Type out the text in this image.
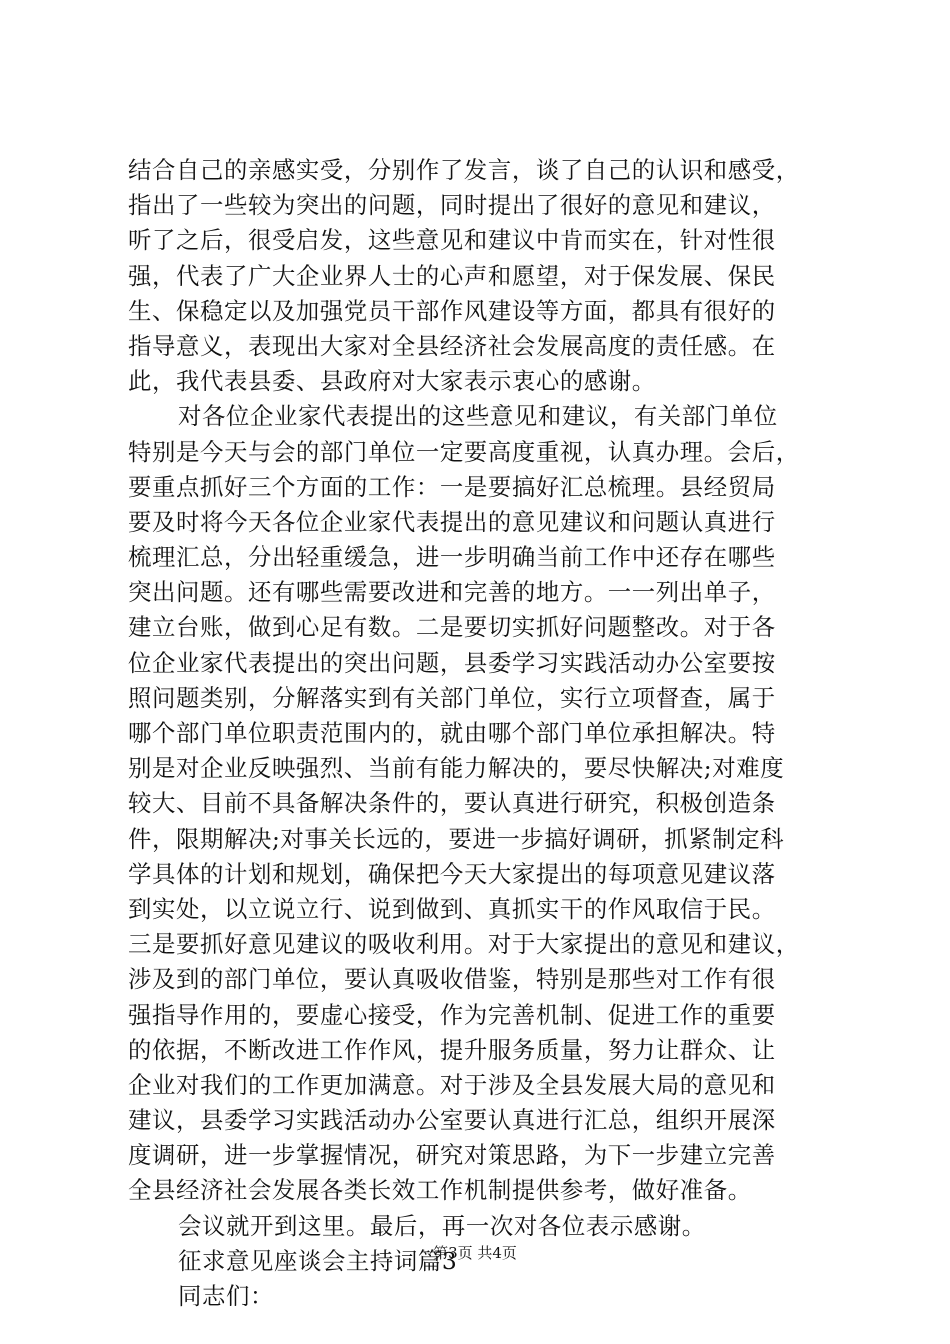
结合自己的亲感实受，分别作了发言，谈了自己的认识和感受，
指出了一些较为突出的问题，同时提出了很好的意见和建议，
听了之后，很受启发，这些意见和建议中肯而实在，针对性很
强，代表了广大企业界人士的心声和愿望，对于保发展、保民
生、保稳定以及加强党员干部作风建设等方面，都具有很好的
指导意义，表现出大家对全县经济社会发展高度的责任感。在
此，我代表县委、县政府对大家表示衷心的感谢。
对各位企业家代表提出的这些意见和建议，有关部门单位
特别是今天与会的部门单位一定要高度重视，认真办理。会后，
要重点抓好三个方面的工作：一是要搞好汇总梳理。县经贸局
要及时将今天各位企业家代表提出的意见建议和问题认真进行
梳理汇总，分出轻重缓急，进一步明确当前工作中还存在哪些
突出问题。还有哪些需要改进和完善的地方。一一列出单子，
建立台账，做到心足有数。二是要切实抓好问题整改。对于各
位企业家代表提出的突出问题，县委学习实践活动办公室要按
照问题类别，分解落实到有关部门单位，实行立项督查，属于
哪个部门单位职责范围内的，就由哪个部门单位承担解决。特
别是对企业反映强烈、当前有能力解决的，要尽快解决;对难度
较大、目前不具备解决条件的，要认真进行研究，积极创造条
件，限期解决;对事关长远的，要进一步搞好调研，抓紧制定科
学具体的计划和规划，确保把今天大家提出的每项意见建议落
到实处，以立说立行、说到做到、真抓实干的作风取信于民。
三是要抓好意见建议的吸收利用。对于大家提出的意见和建议，
涉及到的部门单位，要认真吸收借鉴，特别是那些对工作有很
强指导作用的，要虚心接受，作为完善机制、促进工作的重要
的依据，不断改进工作作风，提升服务质量，努力让群众、让
企业对我们的工作更加满意。对于涉及全县发展大局的意见和
建议，县委学习实践活动办公室要认真进行汇总，组织开展深
度调研，进一步掌握情况，研究对策思路，为下一步建立完善
全县经济社会发展各类长效工作机制提供参考，做好准备。
会议就开到这里。最后，再一次对各位表示感谢。
征求意见座谈会主持词篇3
同志们：
第3页 共4页
